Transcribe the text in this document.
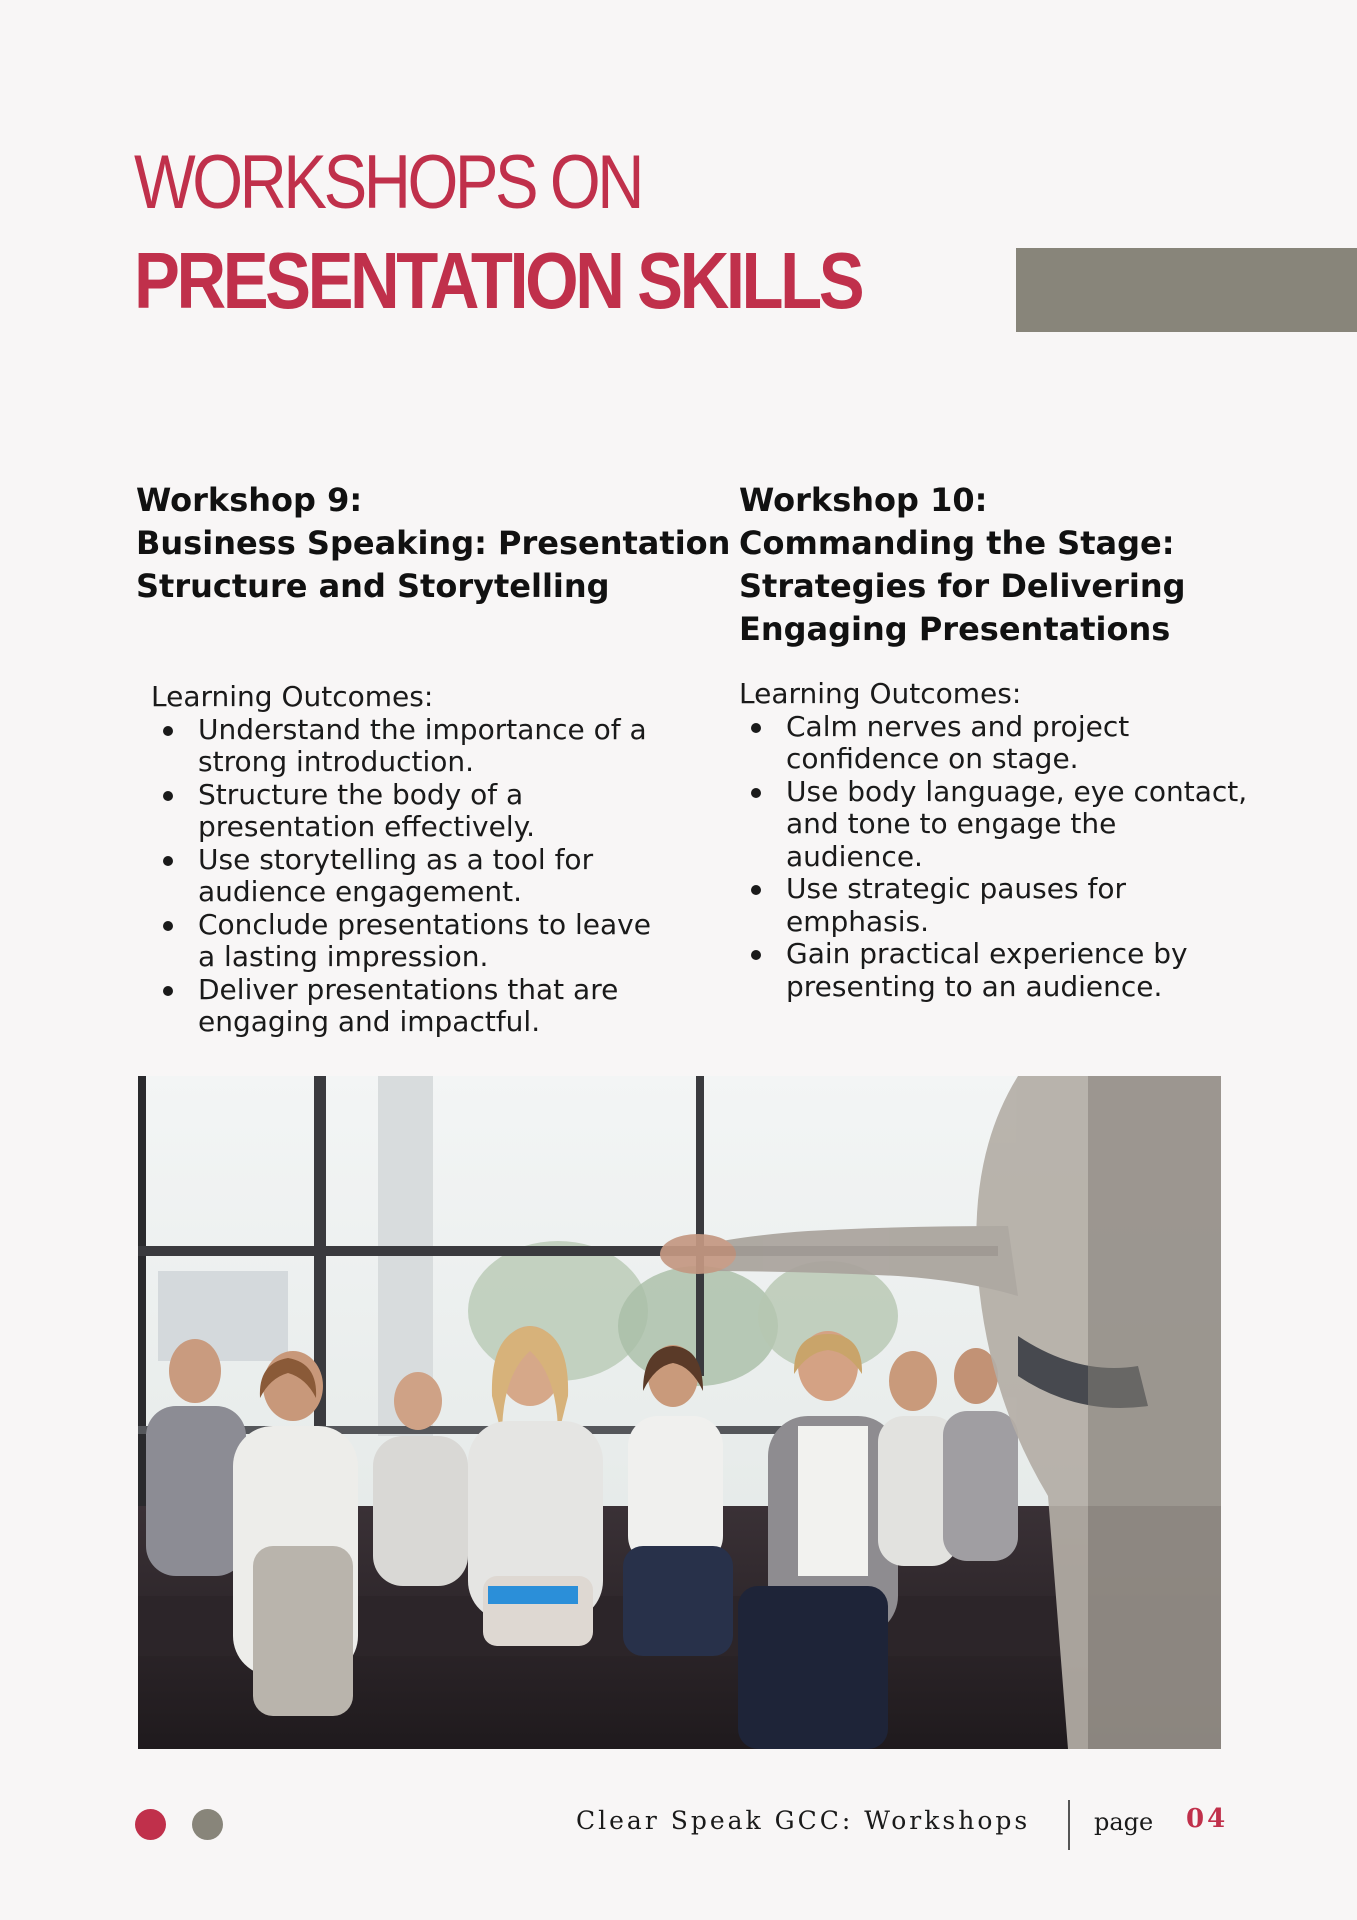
WORKSHOPS ON
PRESENTATION SKILLS
Workshop 9:
Business Speaking: Presentation
Structure and Storytelling
Learning Outcomes:
Understand the importance of a
strong introduction.
Structure the body of a
presentation effectively.
Use storytelling as a tool for
audience engagement.
Conclude presentations to leave
a lasting impression.
Deliver presentations that are
engaging and impactful.
Workshop 10:
Commanding the Stage:
Strategies for Delivering
Engaging Presentations
Learning Outcomes:
Calm nerves and project
confidence on stage.
Use body language, eye contact,
and tone to engage the
audience.
Use strategic pauses for
emphasis.
Gain practical experience by
presenting to an audience.
Clear Speak GCC: Workshops	page 04
